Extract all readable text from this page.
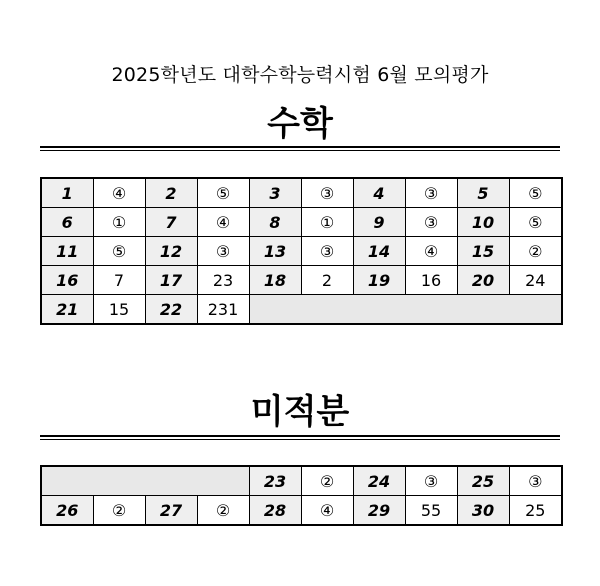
2025학년도 대학수학능력시험 6월 모의평가
수학
1	④	2	⑤	3	③	4	③	5	⑤
6	①	7	④	8	①	9	③	10	⑤
11	⑤	12	③	13	③	14	④	15	②
16	7	17	23	18	2	19	16	20	24
21	15	22	231						
미적분
				23	②	24	③	25	③
26	②	27	②	28	④	29	55	30	25
